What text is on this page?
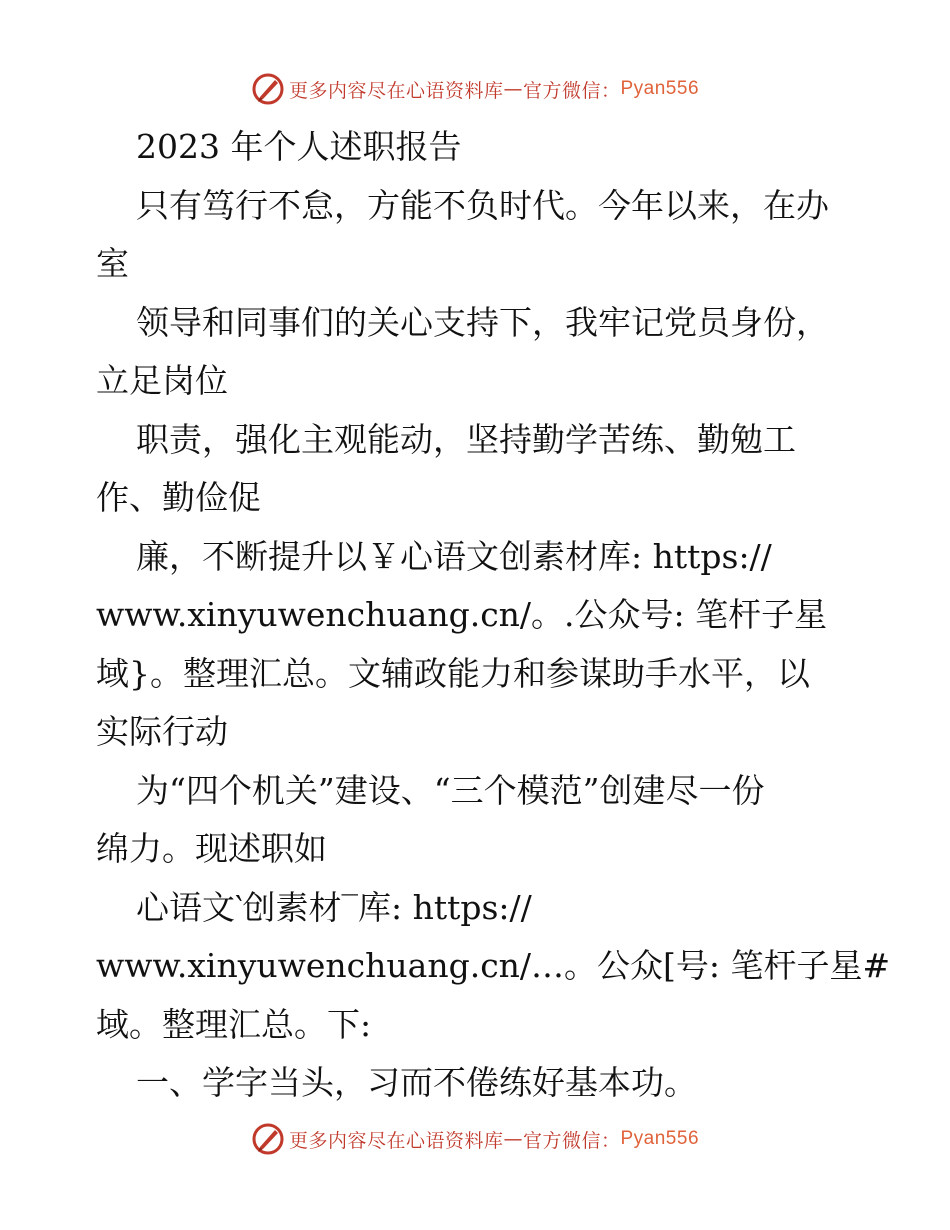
更多内容尽在心语资料库 — 官方微信： Pyan556
2023 年个人述职报告
只有笃行不怠，方能不负时代。今年以来，在办
室
领导和同事们的关心支持下，我牢记党员身份，
立足岗位
职责，强化主观能动，坚持勤学苦练、勤勉工
作、勤俭促
廉，不断提升以￥心语文创素材库: https://
www.xinyuwenchuang.cn/。.公众号: 笔杆子星
域}。整理汇总。文辅政能力和参谋助手水平，以
实际行动
为“四个机关”建设、“三个模范”创建尽一份
绵力。现述职如
心语文‵创素材‾库: https://
www.xinyuwenchuang.cn/…。公众[号: 笔杆子星#
域。整理汇总。下:
一、学字当头，习而不倦练好基本功。
更多内容尽在心语资料库 — 官方微信： Pyan556
